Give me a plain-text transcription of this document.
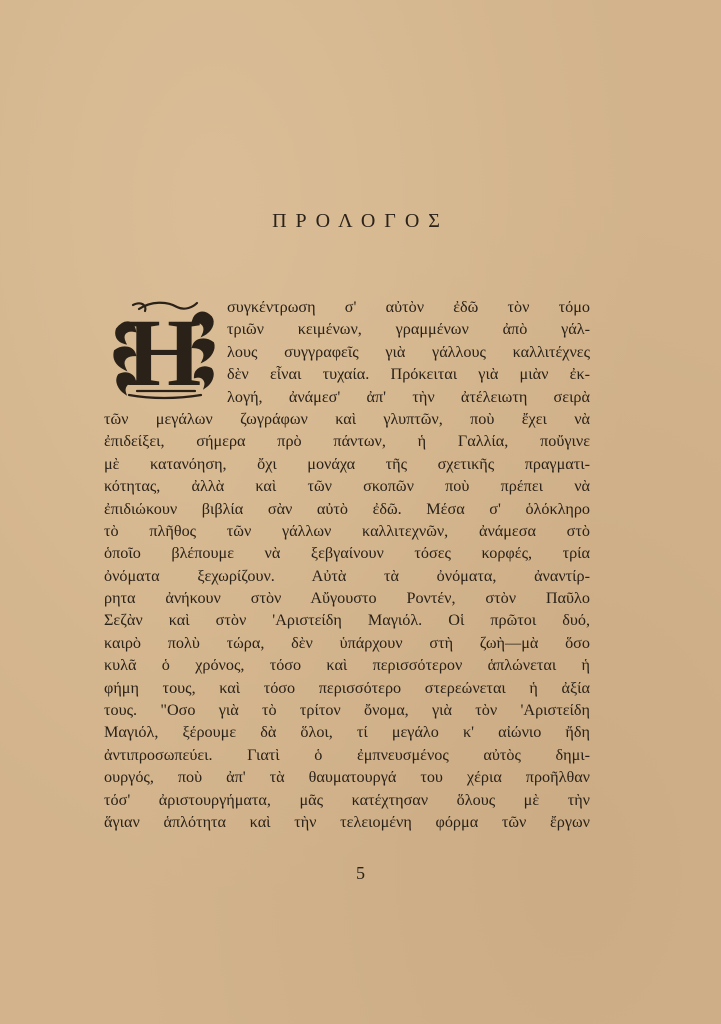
ΠΡΟΛΟΓΟΣ
Η	συγκέντρωση σ' αὐτὸν ἐδῶ τὸν τόμο
τριῶν κειμένων, γραμμένων ἀπὸ γάλ-
λους συγγραφεῖς γιὰ γάλλους καλλιτέχνες
δὲν εἶναι τυχαία. Πρόκειται γιὰ μιὰν ἐκ-
λογή, ἀνάμεσ' ἀπ' τὴν ἀτέλειωτη σειρὰ
τῶν μεγάλων ζωγράφων καὶ γλυπτῶν, ποὺ ἔχει νὰ
ἐπιδείξει, σήμερα πρὸ πάντων, ἡ Γαλλία, ποὔγινε
μὲ κατανόηση, ὄχι μονάχα τῆς σχετικῆς πραγματι-
κότητας, ἀλλὰ καὶ τῶν σκοπῶν ποὺ πρέπει νὰ
ἐπιδιώκουν βιβλία σὰν αὐτὸ ἐδῶ. Μέσα σ' ὁλόκληρο
τὸ πλῆθος τῶν γάλλων καλλιτεχνῶν, ἀνάμεσα στὸ
ὁποῖο βλέπουμε νὰ ξεβγαίνουν τόσες κορφές, τρία
ὀνόματα ξεχωρίζουν. Αὐτὰ τὰ ὀνόματα, ἀναντίρ-
ρητα ἀνήκουν στὸν Αὔγουστο Ροντέν, στὸν Παῦλο
Σεζὰν καὶ στὸν 'Αριστείδη Μαγιόλ. Οἱ πρῶτοι δυό,
καιρὸ πολὺ τώρα, δὲν ὑπάρχουν στὴ ζωὴ—μὰ ὅσο
κυλᾶ ὁ χρόνος, τόσο καὶ περισσότερον ἁπλώνεται ἡ
φήμη τους, καὶ τόσο περισσότερο στερεώνεται ἡ ἀξία
τους. "Οσο γιὰ τὸ τρίτον ὄνομα, γιὰ τὸν 'Αριστείδη
Μαγιόλ, ξέρουμε δὰ ὅλοι, τί μεγάλο κ' αἰώνιο ἤδη
ἀντιπροσωπεύει. Γιατὶ ὁ ἐμπνευσμένος αὐτὸς δημι-
ουργός, ποὺ ἀπ' τὰ θαυματουργά του χέρια προῆλθαν
τόσ' ἀριστουργήματα, μᾶς κατέχτησαν ὅλους μὲ τὴν
ἅγιαν ἁπλότητα καὶ τὴν τελειομένη φόρμα τῶν ἔργων
5
